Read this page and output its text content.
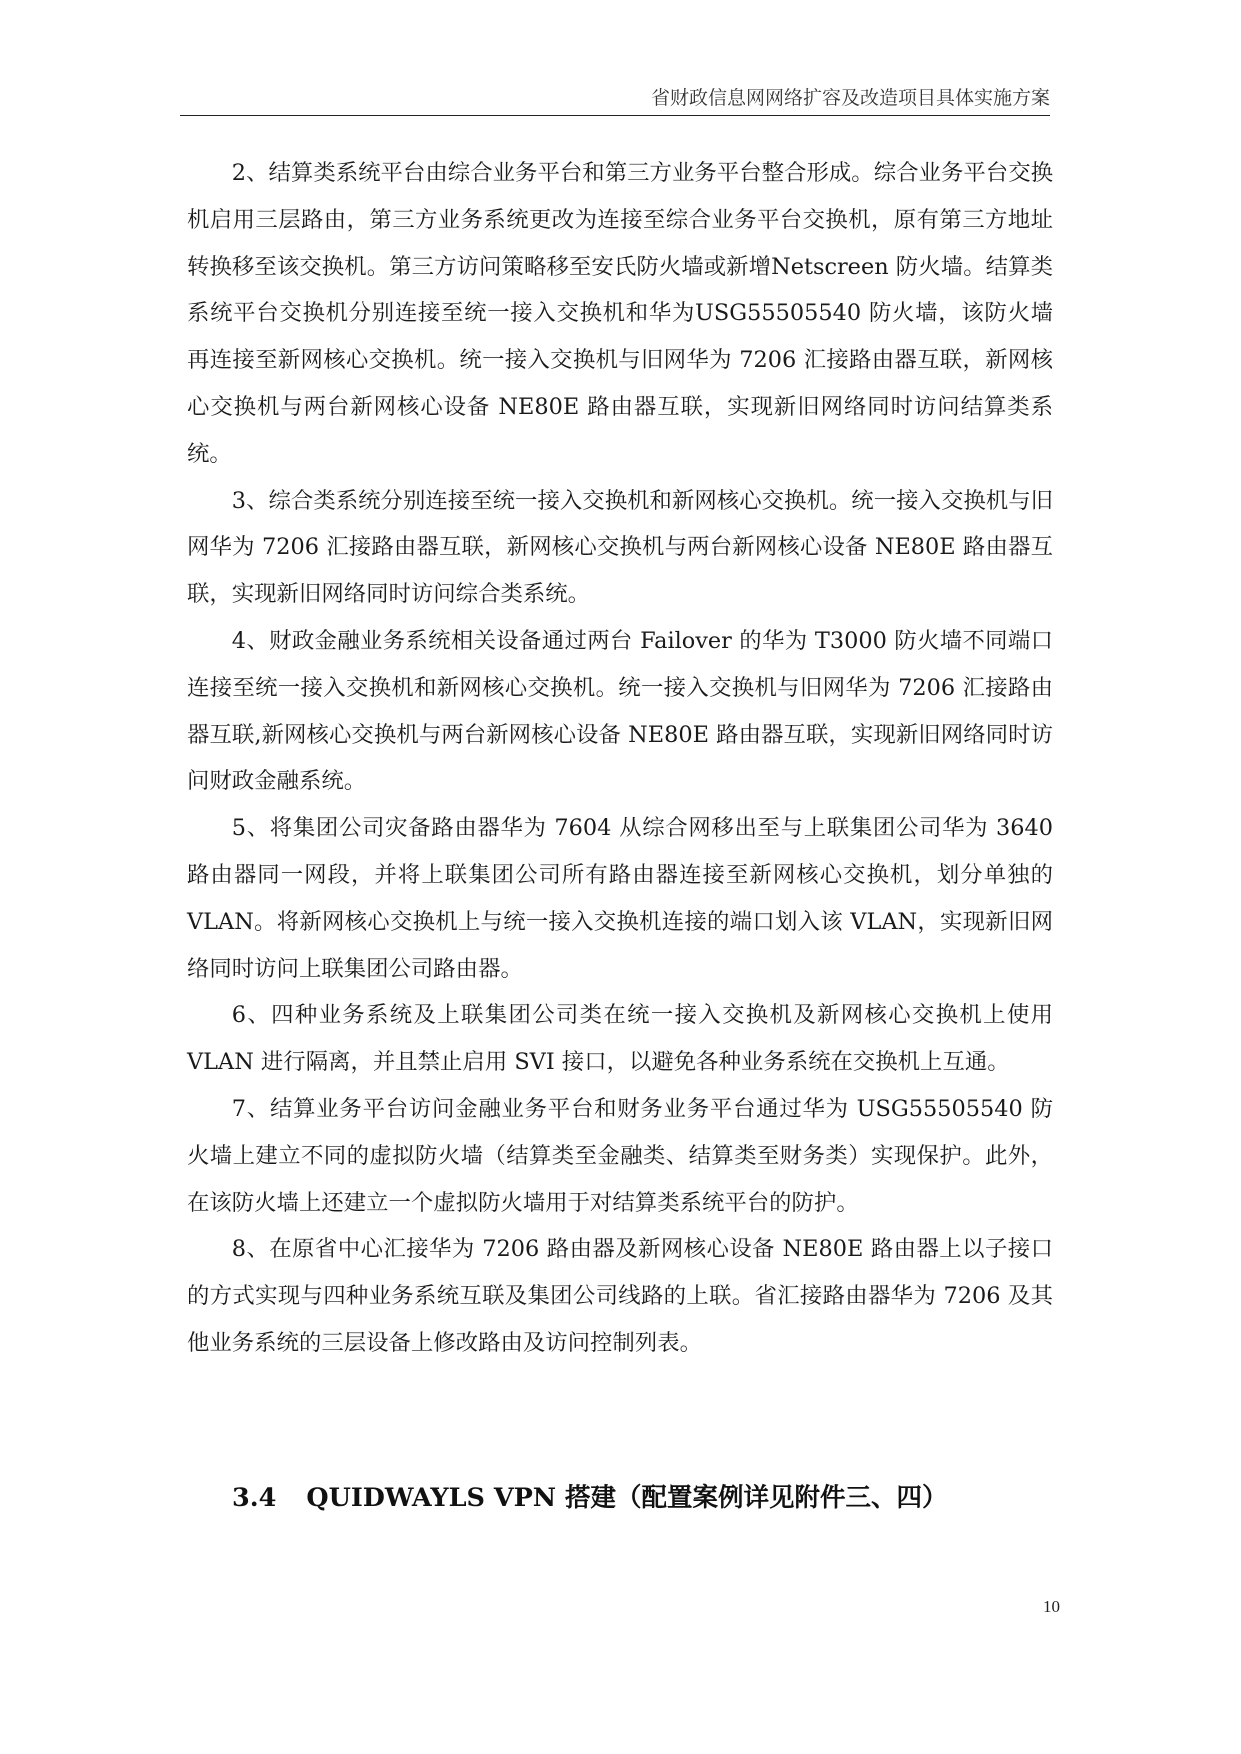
省财政信息网网络扩容及改造项目具体实施方案

2、结算类系统平台由综合业务平台和第三方业务平台整合形成。综合业务平台交换机启用三层路由，第三方业务系统更改为连接至综合业务平台交换机，原有第三方地址转换移至该交换机。第三方访问策略移至安氏防火墙或新增Netscreen 防火墙。结算类系统平台交换机分别连接至统一接入交换机和华为USG55505540 防火墙，该防火墙再连接至新网核心交换机。统一接入交换机与旧网华为 7206 汇接路由器互联，新网核心交换机与两台新网核心设备 NE80E 路由器互联，实现新旧网络同时访问结算类系统。

3、综合类系统分别连接至统一接入交换机和新网核心交换机。统一接入交换机与旧网华为 7206 汇接路由器互联，新网核心交换机与两台新网核心设备 NE80E 路由器互联，实现新旧网络同时访问综合类系统。

4、财政金融业务系统相关设备通过两台 Failover 的华为 T3000 防火墙不同端口连接至统一接入交换机和新网核心交换机。统一接入交换机与旧网华为 7206 汇接路由器互联,新网核心交换机与两台新网核心设备 NE80E 路由器互联，实现新旧网络同时访问财政金融系统。

5、将集团公司灾备路由器华为 7604 从综合网移出至与上联集团公司华为 3640 路由器同一网段，并将上联集团公司所有路由器连接至新网核心交换机，划分单独的 VLAN。将新网核心交换机上与统一接入交换机连接的端口划入该 VLAN，实现新旧网络同时访问上联集团公司路由器。

6、四种业务系统及上联集团公司类在统一接入交换机及新网核心交换机上使用 VLAN 进行隔离，并且禁止启用 SVI 接口，以避免各种业务系统在交换机上互通。

7、结算业务平台访问金融业务平台和财务业务平台通过华为 USG55505540 防火墙上建立不同的虚拟防火墙（结算类至金融类、结算类至财务类）实现保护。此外，在该防火墙上还建立一个虚拟防火墙用于对结算类系统平台的防护。

8、在原省中心汇接华为 7206 路由器及新网核心设备 NE80E 路由器上以子接口的方式实现与四种业务系统互联及集团公司线路的上联。省汇接路由器华为 7206 及其他业务系统的三层设备上修改路由及访问控制列表。

3.4 QUIDWAYLS VPN 搭建（配置案例详见附件三、四）
10
